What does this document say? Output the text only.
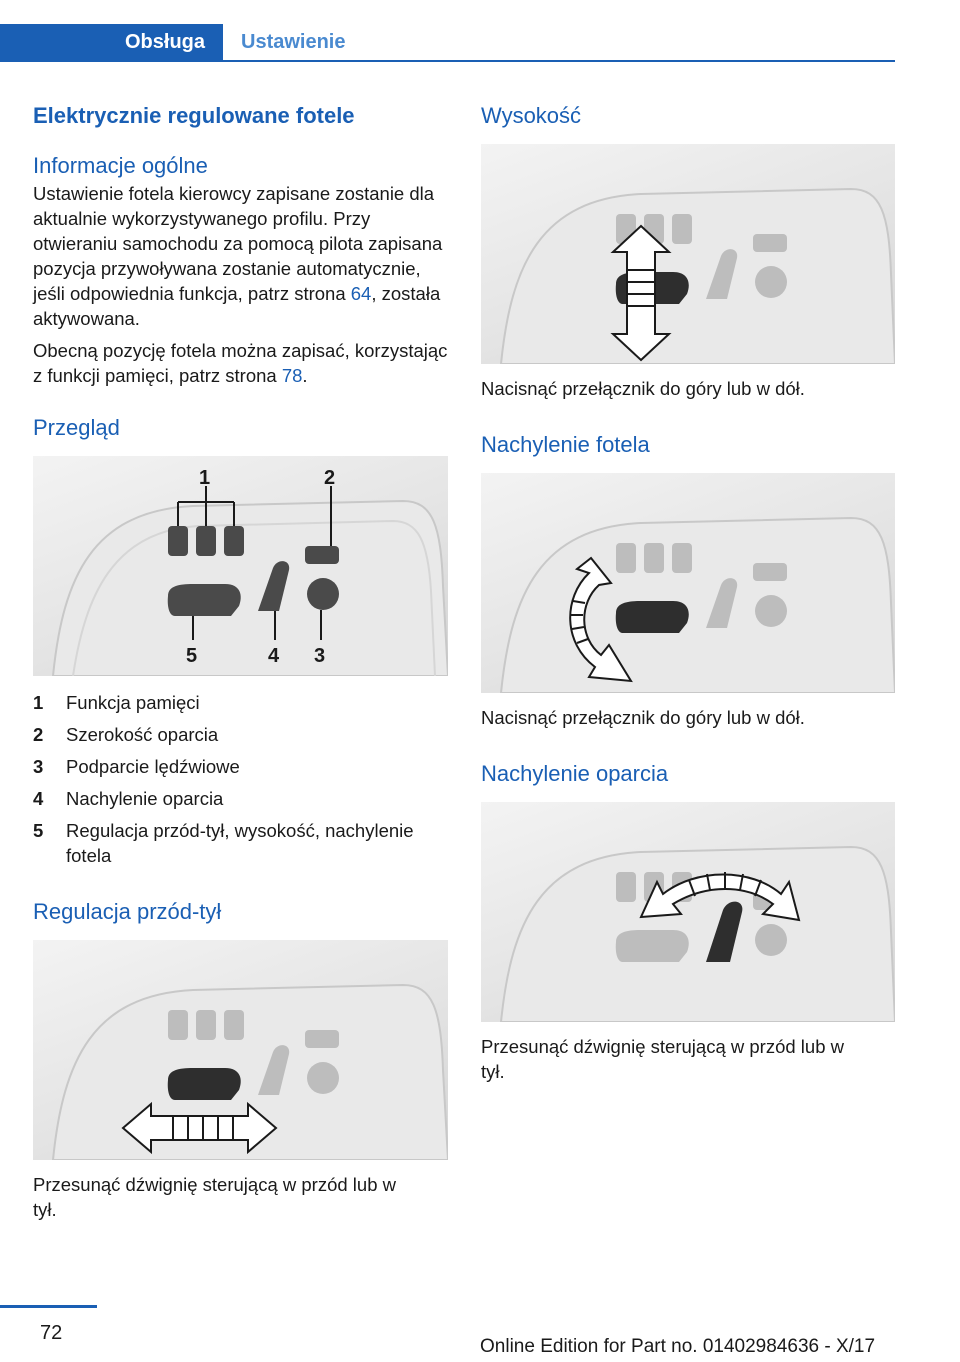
Obsługa	Ustawienie
Elektrycznie regulowane fotele
Informacje ogólne

Ustawienie fotela kierowcy zapisane zostanie dla aktualnie wykorzystywanego profilu. Przy otwieraniu samochodu za pomocą pilota zapisana pozycja przywoływana zostanie automatycznie, jeśli odpowiednia funkcja, patrz strona 64, została aktywowana.

Obecną pozycję fotela można zapisać, korzystając z funkcji pamięci, patrz strona 78.

Przegląd
1	2
3
4
5
1	Funkcja pamięci
2	Szerokość oparcia
3	Podparcie lędźwiowe
4	Nachylenie oparcia
5	Regulacja przód-tył, wysokość, nachylenie fotela
Regulacja przód-tył

Przesunąć dźwignię sterującą w przód lub w tył.

Wysokość

Nacisnąć przełącznik do góry lub w dół.

Nachylenie fotela

Nacisnąć przełącznik do góry lub w dół.

Nachylenie oparcia

Przesunąć dźwignię sterującą w przód lub w tył.

72
Online Edition for Part no. 01402984636 - X/17
